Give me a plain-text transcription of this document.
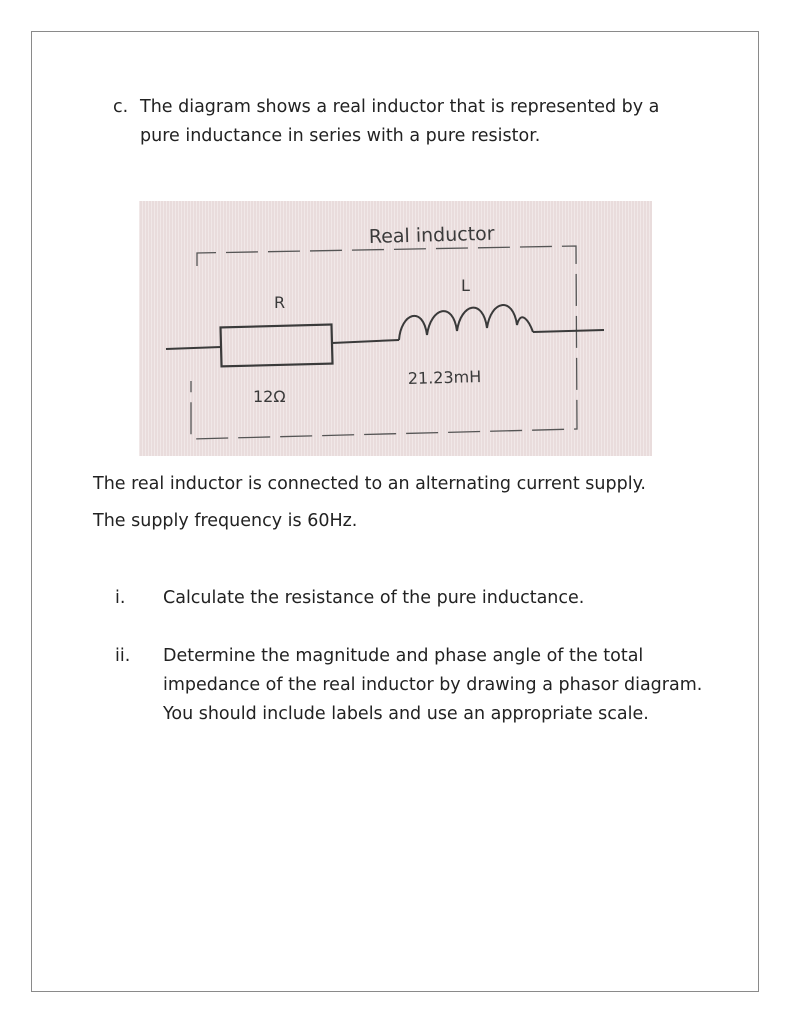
c. The diagram shows a real inductor that is represented by a pure inductance in series with a pure resistor.
Real inductor
R
12Ω
L
21.23mH
The real inductor is connected to an alternating current supply.
The supply frequency is 60Hz.
i. Calculate the resistance of the pure inductance.
ii. Determine the magnitude and phase angle of the total impedance of the real inductor by drawing a phasor diagram. You should include labels and use an appropriate scale.
